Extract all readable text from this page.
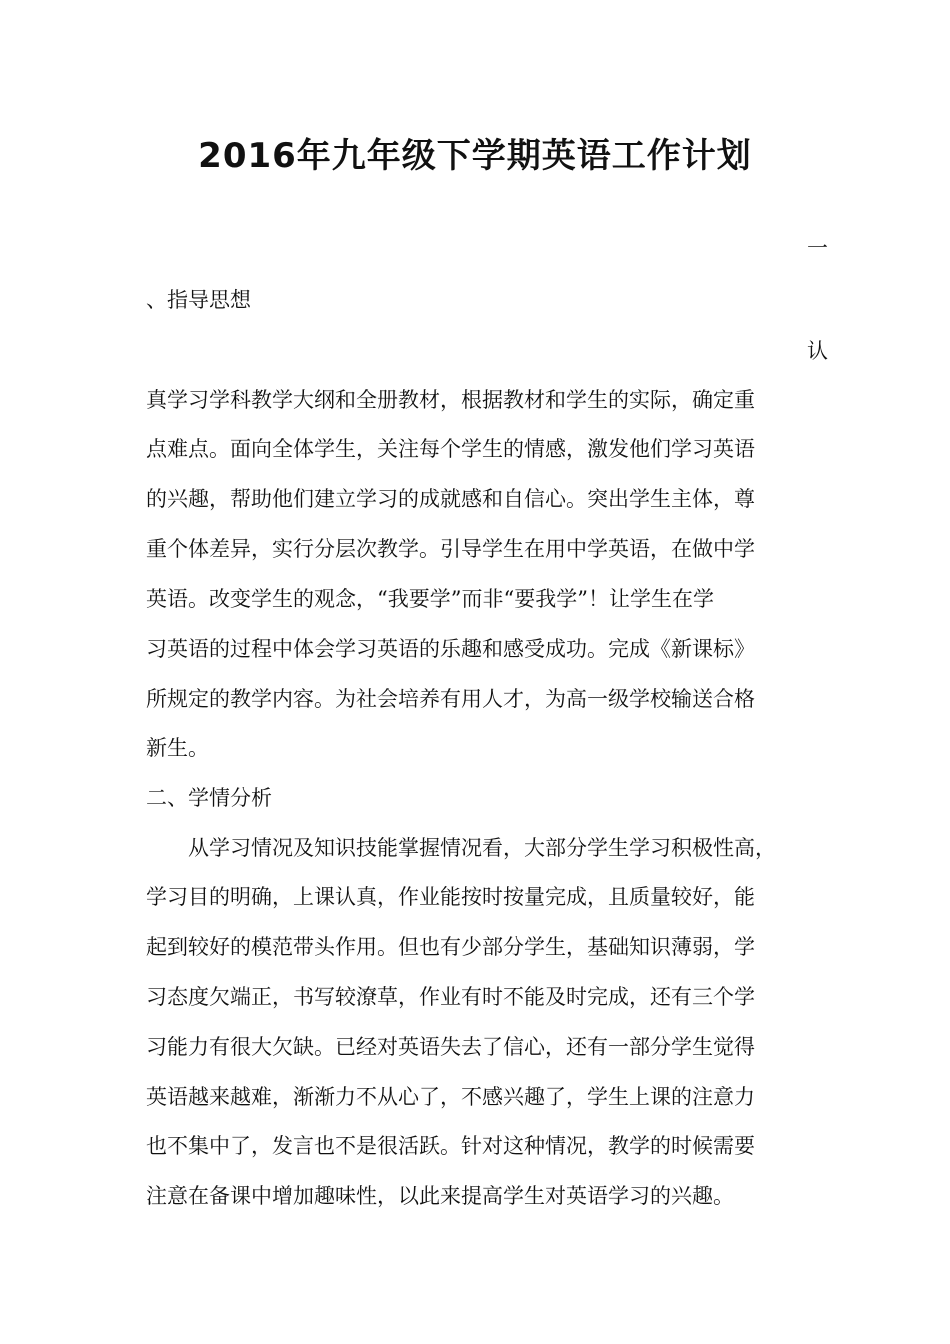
2016年九年级下学期英语工作计划
一
、指导思想
认
真学习学科教学大纲和全册教材，根据教材和学生的实际，确定重
点难点。面向全体学生，关注每个学生的情感，激发他们学习英语
的兴趣，帮助他们建立学习的成就感和自信心。突出学生主体，尊
重个体差异，实行分层次教学。引导学生在用中学英语，在做中学
英语。改变学生的观念，“我要学”而非“要我学”！让学生在学
习英语的过程中体会学习英语的乐趣和感受成功。完成《新课标》
所规定的教学内容。为社会培养有用人才，为高一级学校输送合格
新生。
二、学情分析
从学习情况及知识技能掌握情况看，大部分学生学习积极性高，
学习目的明确，上课认真，作业能按时按量完成，且质量较好，能
起到较好的模范带头作用。但也有少部分学生，基础知识薄弱，学
习态度欠端正，书写较潦草，作业有时不能及时完成，还有三个学
习能力有很大欠缺。已经对英语失去了信心，还有一部分学生觉得
英语越来越难，渐渐力不从心了，不感兴趣了，学生上课的注意力
也不集中了，发言也不是很活跃。针对这种情况，教学的时候需要
注意在备课中增加趣味性，以此来提高学生对英语学习的兴趣。
